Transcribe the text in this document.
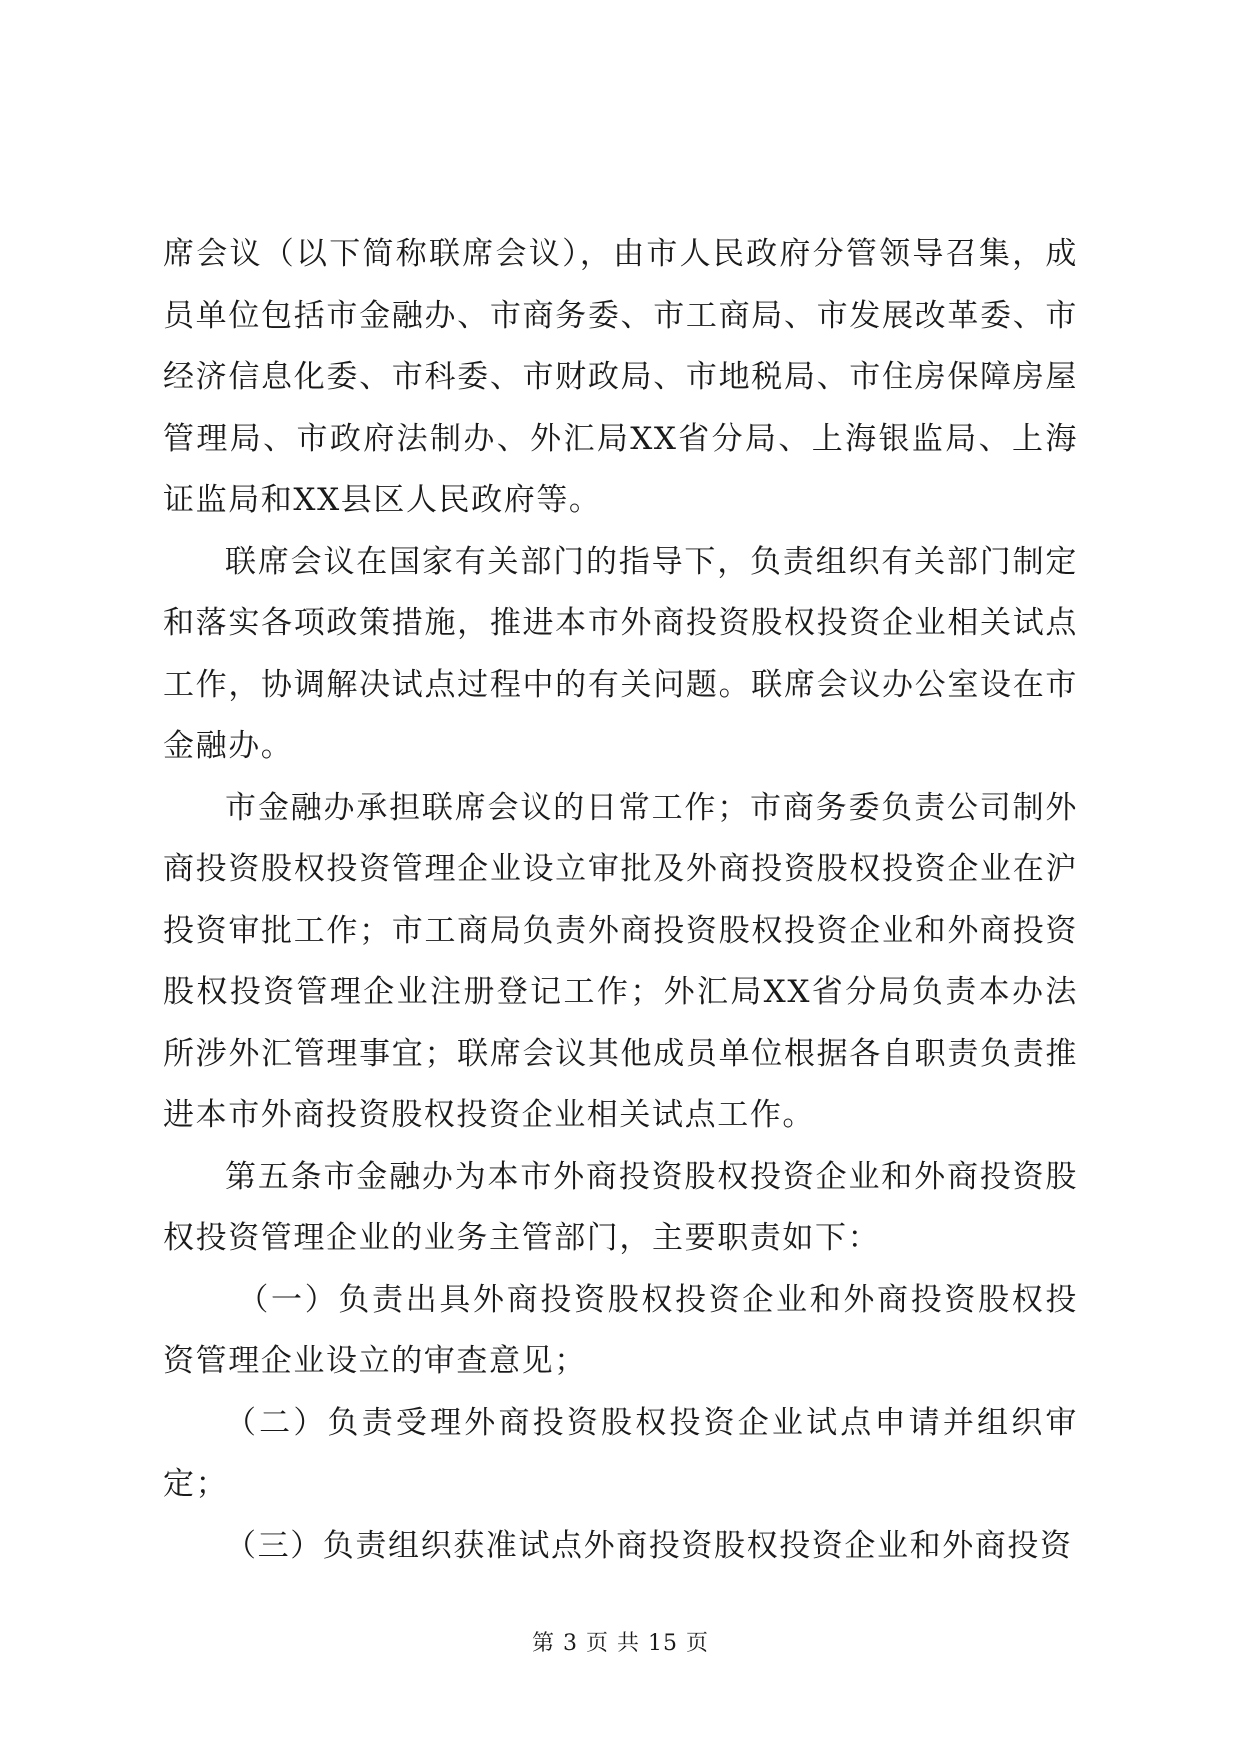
席会议（以下简称联席会议），由市人民政府分管领导召集，成员单位包括市金融办、市商务委、市工商局、市发展改革委、市经济信息化委、市科委、市财政局、市地税局、市住房保障房屋管理局、市政府法制办、外汇局XX省分局、上海银监局、上海证监局和XX县区人民政府等。

联席会议在国家有关部门的指导下，负责组织有关部门制定和落实各项政策措施，推进本市外商投资股权投资企业相关试点工作，协调解决试点过程中的有关问题。联席会议办公室设在市金融办。

市金融办承担联席会议的日常工作；市商务委负责公司制外商投资股权投资管理企业设立审批及外商投资股权投资企业在沪投资审批工作；市工商局负责外商投资股权投资企业和外商投资股权投资管理企业注册登记工作；外汇局XX省分局负责本办法所涉外汇管理事宜；联席会议其他成员单位根据各自职责负责推进本市外商投资股权投资企业相关试点工作。

第五条市金融办为本市外商投资股权投资企业和外商投资股权投资管理企业的业务主管部门，主要职责如下：

（一）负责出具外商投资股权投资企业和外商投资股权投资管理企业设立的审查意见；

（二）负责受理外商投资股权投资企业试点申请并组织审定；

（三）负责组织获准试点外商投资股权投资企业和外商投资

第 3 页 共 15 页
